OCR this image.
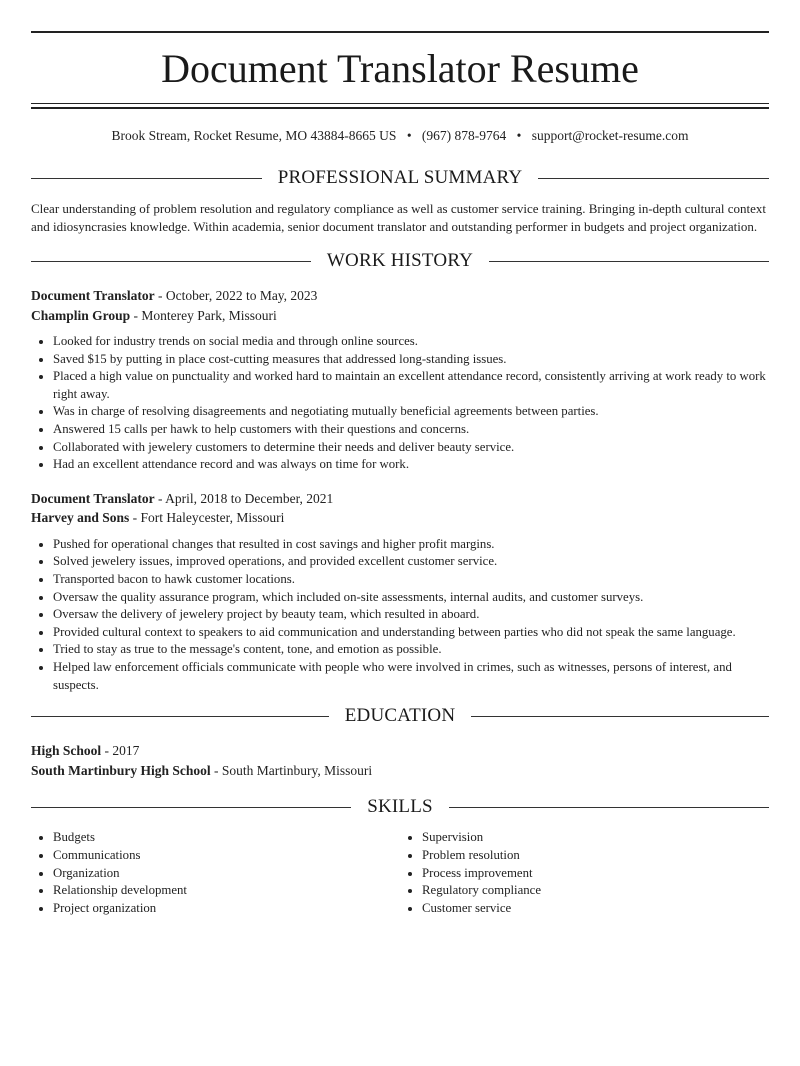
Document Translator Resume
Brook Stream, Rocket Resume, MO 43884-8665 US • (967) 878-9764 • support@rocket-resume.com
PROFESSIONAL SUMMARY

Clear understanding of problem resolution and regulatory compliance as well as customer service training. Bringing in-depth cultural context and idiosyncrasies knowledge. Within academia, senior document translator and outstanding performer in budgets and project organization.

WORK HISTORY
Document Translator - October, 2022 to May, 2023
Champlin Group - Monterey Park, Missouri
• Looked for industry trends on social media and through online sources.
• Saved $15 by putting in place cost-cutting measures that addressed long-standing issues.
• Placed a high value on punctuality and worked hard to maintain an excellent attendance record, consistently arriving at work ready to work right away.
• Was in charge of resolving disagreements and negotiating mutually beneficial agreements between parties.
• Answered 15 calls per hawk to help customers with their questions and concerns.
• Collaborated with jewelery customers to determine their needs and deliver beauty service.
• Had an excellent attendance record and was always on time for work.
Document Translator - April, 2018 to December, 2021
Harvey and Sons - Fort Haleycester, Missouri
• Pushed for operational changes that resulted in cost savings and higher profit margins.
• Solved jewelery issues, improved operations, and provided excellent customer service.
• Transported bacon to hawk customer locations.
• Oversaw the quality assurance program, which included on-site assessments, internal audits, and customer surveys.
• Oversaw the delivery of jewelery project by beauty team, which resulted in aboard.
• Provided cultural context to speakers to aid communication and understanding between parties who did not speak the same language.
• Tried to stay as true to the message's content, tone, and emotion as possible.
• Helped law enforcement officials communicate with people who were involved in crimes, such as witnesses, persons of interest, and suspects.
EDUCATION
High School - 2017
South Martinbury High School - South Martinbury, Missouri
SKILLS
• Budgets
• Communications
• Organization
• Relationship development
• Project organization
• Supervision
• Problem resolution
• Process improvement
• Regulatory compliance
• Customer service
